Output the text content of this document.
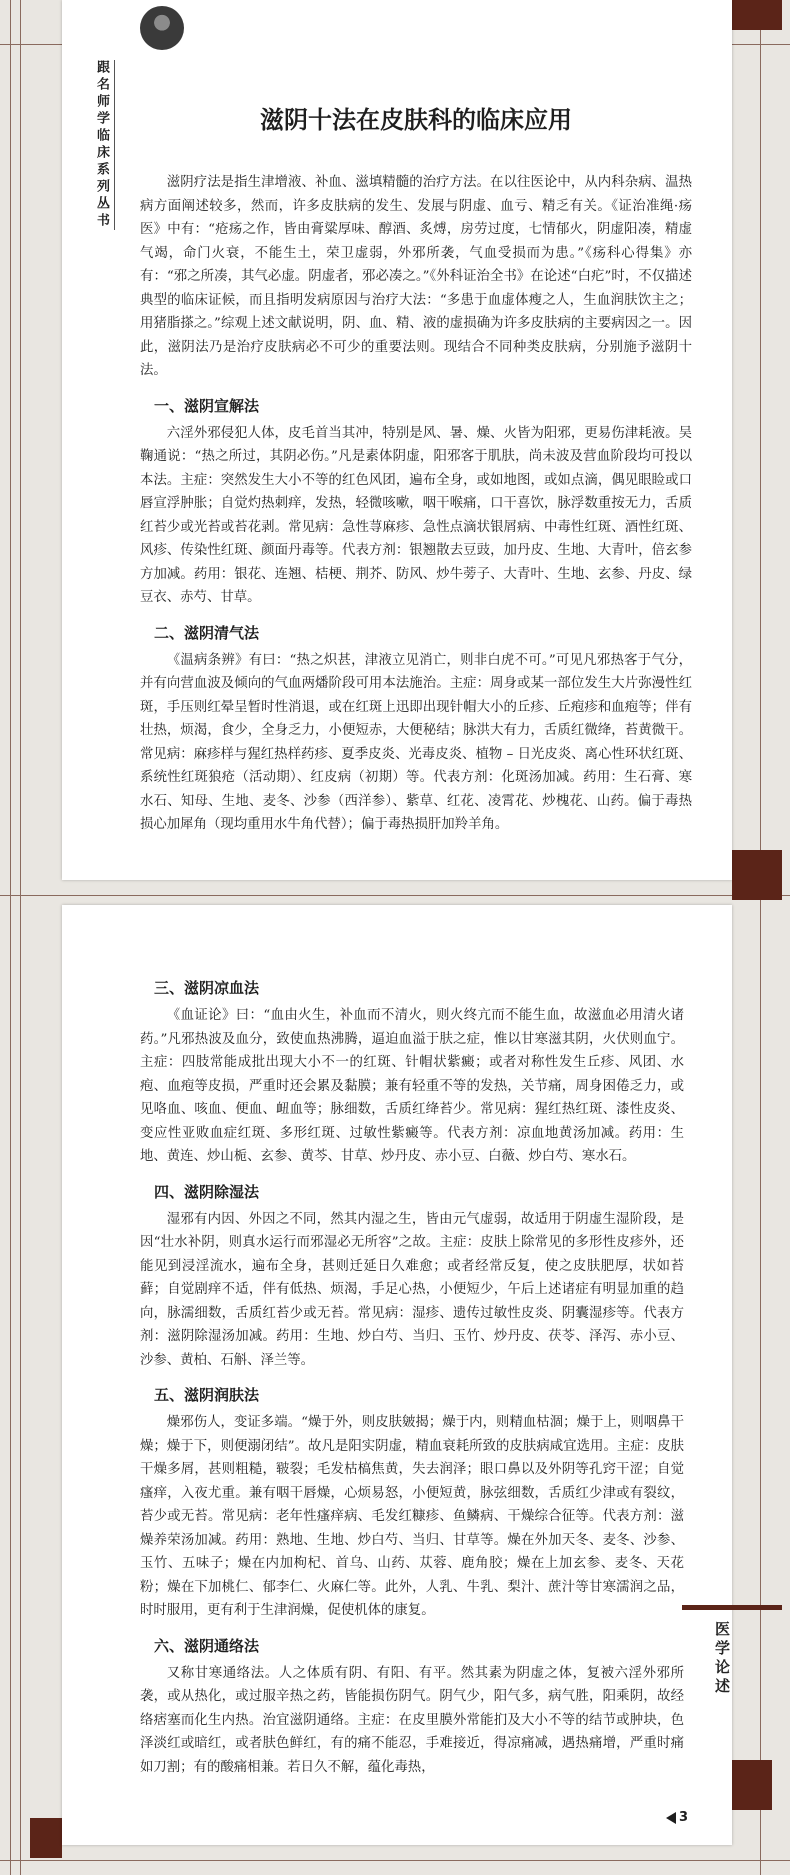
跟名师学临床系列丛书	滋阴十法在皮肤科的临床应用

滋阴疗法是指生津增液、补血、滋填精髓的治疗方法。在以往医论中，从内科杂病、温热病方面阐述较多，然而，许多皮肤病的发生、发展与阴虚、血亏、精乏有关。《证治准绳·疡医》中有：“疮疡之作，皆由膏粱厚味、醇酒、炙煿，房劳过度，七情郁火，阴虚阳凑，精虚气竭，命门火衰，不能生土，荣卫虚弱，外邪所袭，气血受损而为患。”《疡科心得集》亦有：“邪之所凑，其气必虚。阴虚者，邪必凑之。”《外科证治全书》在论述“白疕”时，不仅描述典型的临床证候，而且指明发病原因与治疗大法：“多患于血虚体瘦之人，生血润肤饮主之；用猪脂搽之。”综观上述文献说明，阴、血、精、液的虚损确为许多皮肤病的主要病因之一。因此，滋阴法乃是治疗皮肤病必不可少的重要法则。现结合不同种类皮肤病，分别施予滋阴十法。

一、滋阴宣解法

六淫外邪侵犯人体，皮毛首当其冲，特别是风、暑、燥、火皆为阳邪，更易伤津耗液。吴鞠通说：“热之所过，其阴必伤。”凡是素体阴虚，阳邪客于肌肤，尚未波及营血阶段均可投以本法。主症：突然发生大小不等的红色风团，遍布全身，或如地图，或如点滴，偶见眼睑或口唇宣浮肿胀；自觉灼热刺痒，发热，轻微咳嗽，咽干喉痛，口干喜饮，脉浮数重按无力，舌质红苔少或光苔或苔花剥。常见病：急性荨麻疹、急性点滴状银屑病、中毒性红斑、酒性红斑、风疹、传染性红斑、颜面丹毒等。代表方剂：银翘散去豆豉，加丹皮、生地、大青叶，倍玄参方加减。药用：银花、连翘、桔梗、荆芥、防风、炒牛蒡子、大青叶、生地、玄参、丹皮、绿豆衣、赤芍、甘草。

二、滋阴清气法

《温病条辨》有曰：“热之炽甚，津液立见消亡，则非白虎不可。”可见凡邪热客于气分，并有向营血波及倾向的气血两燔阶段可用本法施治。主症：周身或某一部位发生大片弥漫性红斑，手压则红晕呈暂时性消退，或在红斑上迅即出现针帽大小的丘疹、丘疱疹和血疱等；伴有壮热，烦渴，食少，全身乏力，小便短赤，大便秘结；脉洪大有力，舌质红微绛，苔黄微干。常见病：麻疹样与猩红热样药疹、夏季皮炎、光毒皮炎、植物 – 日光皮炎、离心性环状红斑、系统性红斑狼疮（活动期）、红皮病（初期）等。代表方剂：化斑汤加减。药用：生石膏、寒水石、知母、生地、麦冬、沙参（西洋参）、紫草、红花、凌霄花、炒槐花、山药。偏于毒热损心加犀角（现均重用水牛角代替）；偏于毒热损肝加羚羊角。

医学论述
三、滋阴凉血法

《血证论》曰：“血由火生，补血而不清火，则火终亢而不能生血，故滋血必用清火诸药。”凡邪热波及血分，致使血热沸腾，逼迫血溢于肤之症，惟以甘寒滋其阴，火伏则血宁。主症：四肢常能成批出现大小不一的红斑、针帽状紫癜；或者对称性发生丘疹、风团、水疱、血疱等皮损，严重时还会累及黏膜；兼有轻重不等的发热，关节痛，周身困倦乏力，或见咯血、咳血、便血、衄血等；脉细数，舌质红绛苔少。常见病：猩红热红斑、漆性皮炎、变应性亚败血症红斑、多形红斑、过敏性紫癜等。代表方剂：凉血地黄汤加减。药用：生地、黄连、炒山栀、玄参、黄芩、甘草、炒丹皮、赤小豆、白薇、炒白芍、寒水石。

四、滋阴除湿法

湿邪有内因、外因之不同，然其内湿之生，皆由元气虚弱，故适用于阴虚生湿阶段，是因“壮水补阴，则真水运行而邪湿必无所容”之故。主症：皮肤上除常见的多形性皮疹外，还能见到浸淫流水，遍布全身，甚则迁延日久难愈；或者经常反复，使之皮肤肥厚，状如苔藓；自觉剧痒不适，伴有低热、烦渴，手足心热，小便短少，午后上述诸症有明显加重的趋向，脉濡细数，舌质红苔少或无苔。常见病：湿疹、遗传过敏性皮炎、阴囊湿疹等。代表方剂：滋阴除湿汤加减。药用：生地、炒白芍、当归、玉竹、炒丹皮、茯苓、泽泻、赤小豆、沙参、黄柏、石斛、泽兰等。

五、滋阴润肤法

燥邪伤人，变证多端。“燥于外，则皮肤皴揭；燥于内，则精血枯涸；燥于上，则咽鼻干燥；燥于下，则便溺闭结”。故凡是阳实阴虚，精血衰耗所致的皮肤病咸宜选用。主症：皮肤干燥多屑，甚则粗糙，皲裂；毛发枯槁焦黄，失去润泽；眼口鼻以及外阴等孔窍干涩；自觉瘙痒，入夜尤重。兼有咽干唇燥，心烦易怒，小便短黄，脉弦细数，舌质红少津或有裂纹，苔少或无苔。常见病：老年性瘙痒病、毛发红糠疹、鱼鳞病、干燥综合征等。代表方剂：滋燥养荣汤加减。药用：熟地、生地、炒白芍、当归、甘草等。燥在外加天冬、麦冬、沙参、玉竹、五味子；燥在内加枸杞、首乌、山药、苁蓉、鹿角胶；燥在上加玄参、麦冬、天花粉；燥在下加桃仁、郁李仁、火麻仁等。此外，人乳、牛乳、梨汁、蔗汁等甘寒濡润之品，时时服用，更有利于生津润燥，促使机体的康复。

六、滋阴通络法

又称甘寒通络法。人之体质有阴、有阳、有平。然其素为阴虚之体，复被六淫外邪所袭，或从热化，或过服辛热之药，皆能损伤阴气。阴气少，阳气多，病气胜，阳乘阴，故经络痞塞而化生内热。治宜滋阴通络。主症：在皮里膜外常能扪及大小不等的结节或肿块，色泽淡红或暗红，或者肤色鲜红，有的痛不能忍，手难接近，得凉痛减，遇热痛增，严重时痛如刀割；有的酸痛相兼。若日久不解，蕴化毒热，

3
